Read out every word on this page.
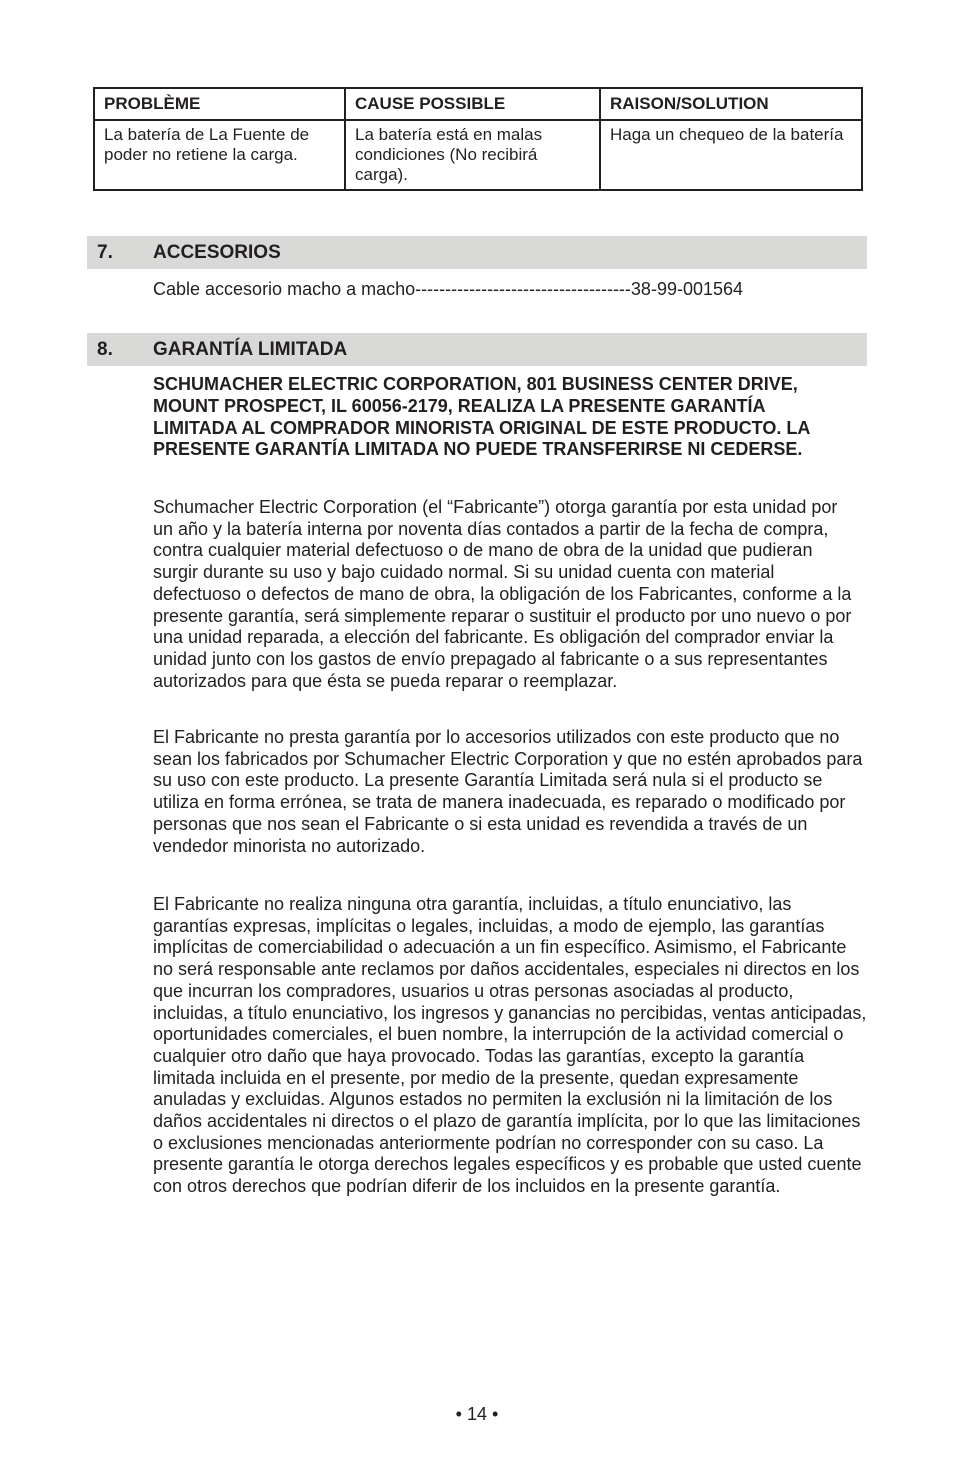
PROBLÈME	CAUSE POSSIBLE	RAISON/SOLUTION
La batería de La Fuente de poder no retiene la carga.	La batería está en malas condiciones (No recibirá carga).	Haga un chequeo de la batería
7. ACCESORIOS
Cable accesorio macho a macho------------------------------------38-99-001564
8. GARANTÍA LIMITADA

SCHUMACHER ELECTRIC CORPORATION, 801 BUSINESS CENTER DRIVE, MOUNT PROSPECT, IL 60056-2179, REALIZA LA PRESENTE GARANTÍA LIMITADA AL COMPRADOR MINORISTA ORIGINAL DE ESTE PRODUCTO. LA PRESENTE GARANTÍA LIMITADA NO PUEDE TRANSFERIRSE NI CEDERSE.

Schumacher Electric Corporation (el “Fabricante”) otorga garantía por esta unidad por un año y la batería interna por noventa días contados a partir de la fecha de compra, contra cualquier material defectuoso o de mano de obra de la unidad que pudieran surgir durante su uso y bajo cuidado normal. Si su unidad cuenta con material defectuoso o defectos de mano de obra, la obligación de los Fabricantes, conforme a la presente garantía, será simplemente reparar o sustituir el producto por uno nuevo o por una unidad reparada, a elección del fabricante. Es obligación del comprador enviar la unidad junto con los gastos de envío prepagado al fabricante o a sus representantes autorizados para que ésta se pueda reparar o reemplazar.

El Fabricante no presta garantía por lo accesorios utilizados con este producto que no sean los fabricados por Schumacher Electric Corporation y que no estén aprobados para su uso con este producto. La presente Garantía Limitada será nula si el producto se utiliza en forma errónea, se trata de manera inadecuada, es reparado o modificado por personas que nos sean el Fabricante o si esta unidad es revendida a través de un vendedor minorista no autorizado.

El Fabricante no realiza ninguna otra garantía, incluidas, a título enunciativo, las garantías expresas, implícitas o legales, incluidas, a modo de ejemplo, las garantías implícitas de comerciabilidad o adecuación a un fin específico. Asimismo, el Fabricante no será responsable ante reclamos por daños accidentales, especiales ni directos en los que incurran los compradores, usuarios u otras personas asociadas al producto, incluidas, a título enunciativo, los ingresos y ganancias no percibidas, ventas anticipadas, oportunidades comerciales, el buen nombre, la interrupción de la actividad comercial o cualquier otro daño que haya provocado. Todas las garantías, excepto la garantía limitada incluida en el presente, por medio de la presente, quedan expresamente anuladas y excluidas. Algunos estados no permiten la exclusión ni la limitación de los daños accidentales ni directos o el plazo de garantía implícita, por lo que las limitaciones o exclusiones mencionadas anteriormente podrían no corresponder con su caso. La presente garantía le otorga derechos legales específicos y es probable que usted cuente con otros derechos que podrían diferir de los incluidos en la presente garantía.

• 14 •
